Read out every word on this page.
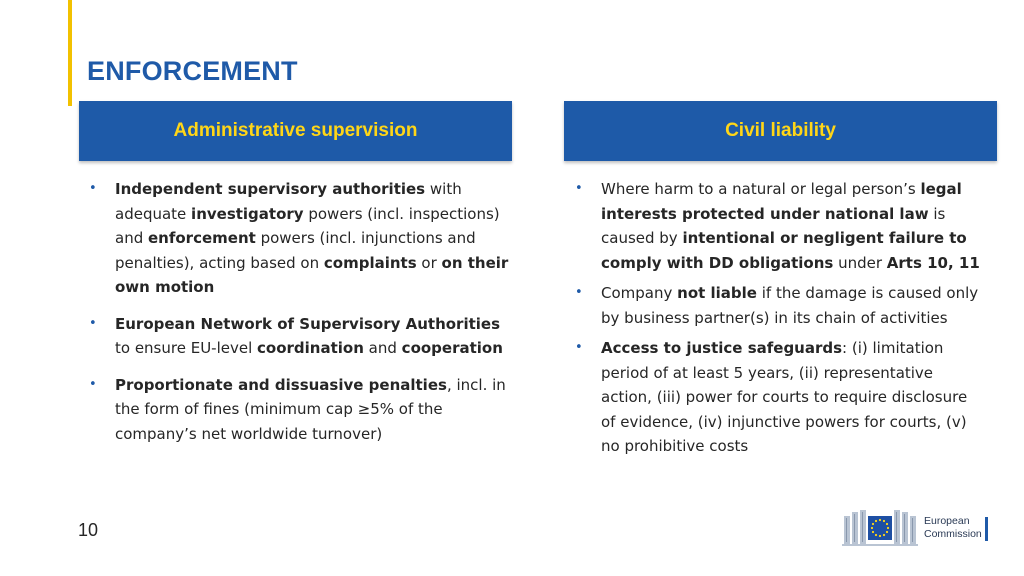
ENFORCEMENT
Administrative supervision	Civil liability
• Independent supervisory authorities with adequate investigatory powers (incl. inspections) and enforcement powers (incl. injunctions and penalties), acting based on complaints or on their own motion
• European Network of Supervisory Authorities to ensure EU-level coordination and cooperation
• Proportionate and dissuasive penalties, incl. in the form of fines (minimum cap ≥5% of the company’s net worldwide turnover)
• Where harm to a natural or legal person’s legal interests protected under national law is caused by intentional or negligent failure to comply with DD obligations under Arts 10, 11
• Company not liable if the damage is caused only by business partner(s) in its chain of activities
• Access to justice safeguards: (i) limitation period of at least 5 years, (ii) representative action, (iii) power for courts to require disclosure of evidence, (iv) injunctive powers for courts, (v) no prohibitive costs
10	European
Commission
